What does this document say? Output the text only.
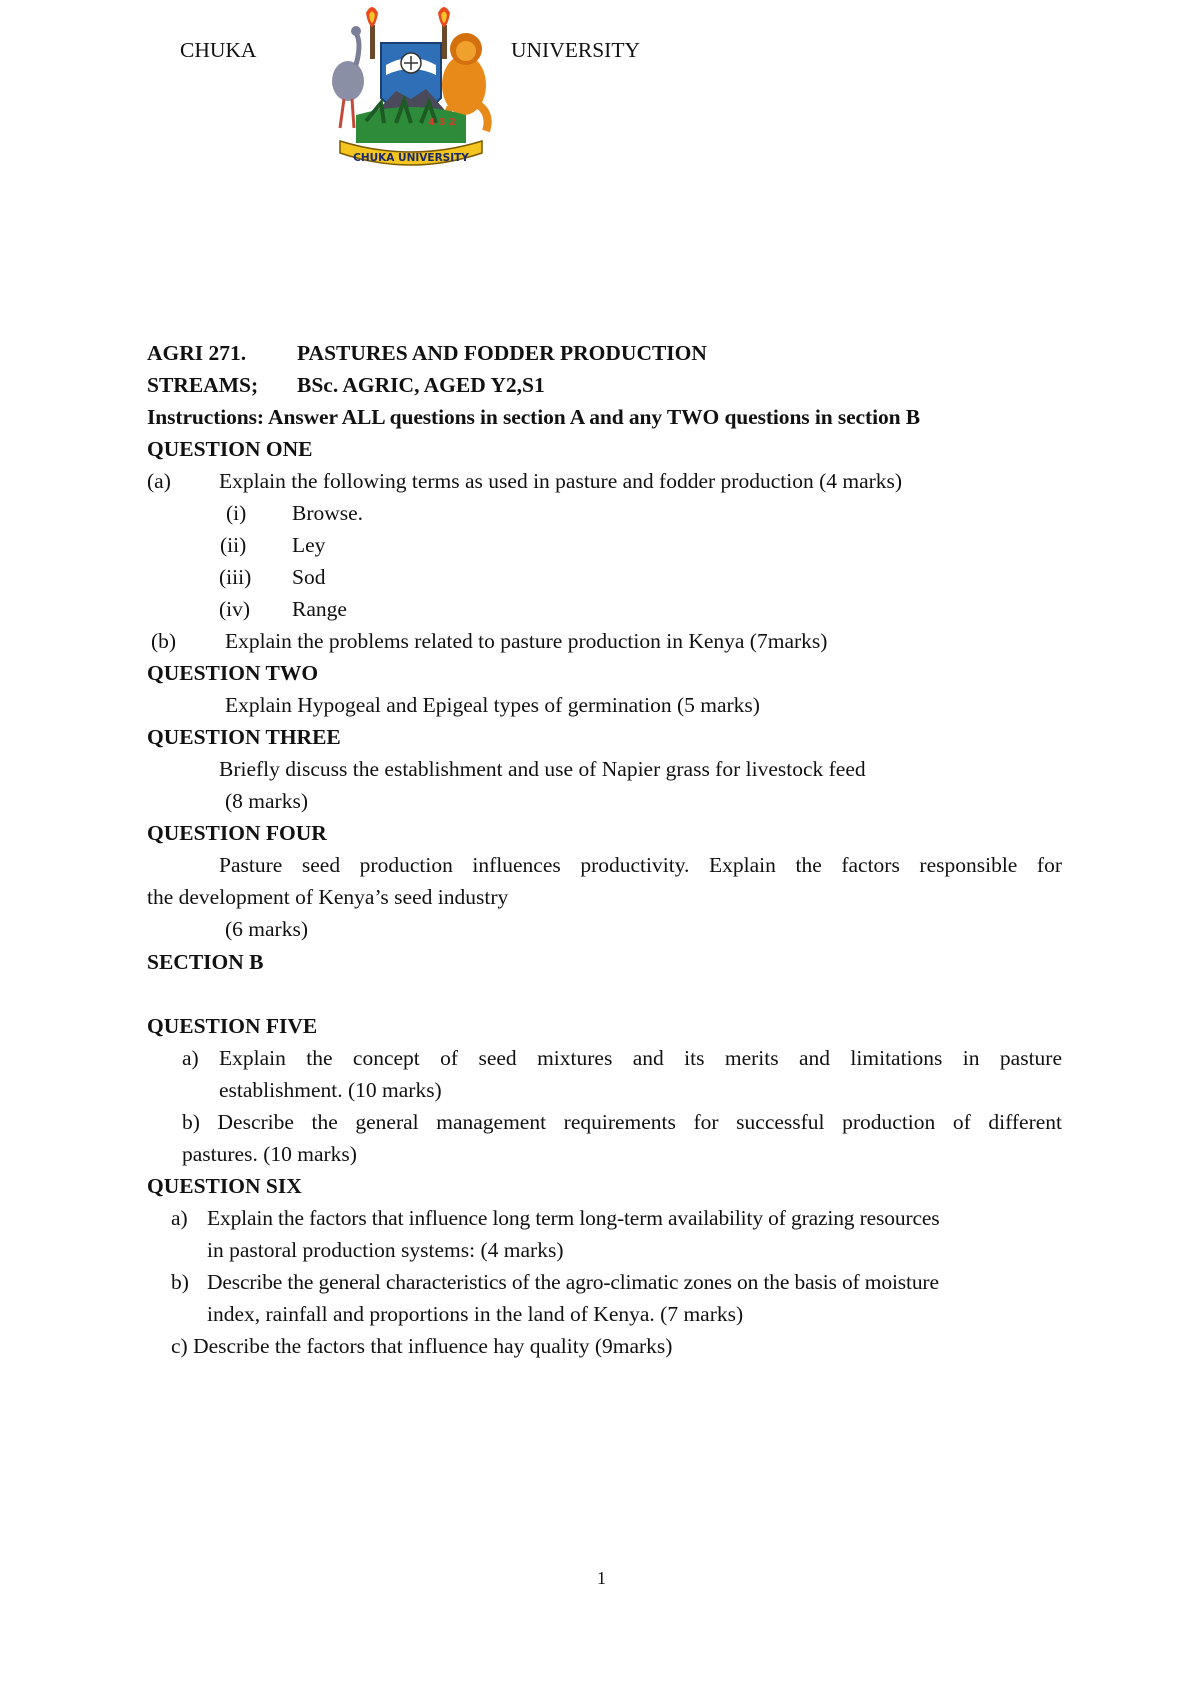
CHUKA
4 3 2
CHUKA UNIVERSITY
UNIVERSITY
AGRI 271. PASTURES AND FODDER PRODUCTION
STREAMS; BSc. AGRIC, AGED Y2,S1
Instructions: Answer ALL questions in section A and any TWO questions in section B
QUESTION ONE
(a) Explain the following terms as used in pasture and fodder production (4 marks)
(i) Browse.
(ii) Ley
(iii) Sod
(iv) Range
(b) Explain the problems related to pasture production in Kenya (7marks)
QUESTION TWO
Explain Hypogeal and Epigeal types of germination (5 marks)
QUESTION THREE
Briefly discuss the establishment and use of Napier grass for livestock feed
(8 marks)
QUESTION FOUR
Pasture seed production influences productivity. Explain the factors responsible for
the development of Kenya’s seed industry
(6 marks)
SECTION B
QUESTION FIVE
a) Explain the concept of seed mixtures and its merits and limitations in pasture
establishment. (10 marks)
b) Describe the general management requirements for successful production of different
pastures. (10 marks)
QUESTION SIX
a) Explain the factors that influence long term long-term availability of grazing resources
in pastoral production systems: (4 marks)
b) Describe the general characteristics of the agro-climatic zones on the basis of moisture
index, rainfall and proportions in the land of Kenya. (7 marks)
c) Describe the factors that influence hay quality (9marks)
1
